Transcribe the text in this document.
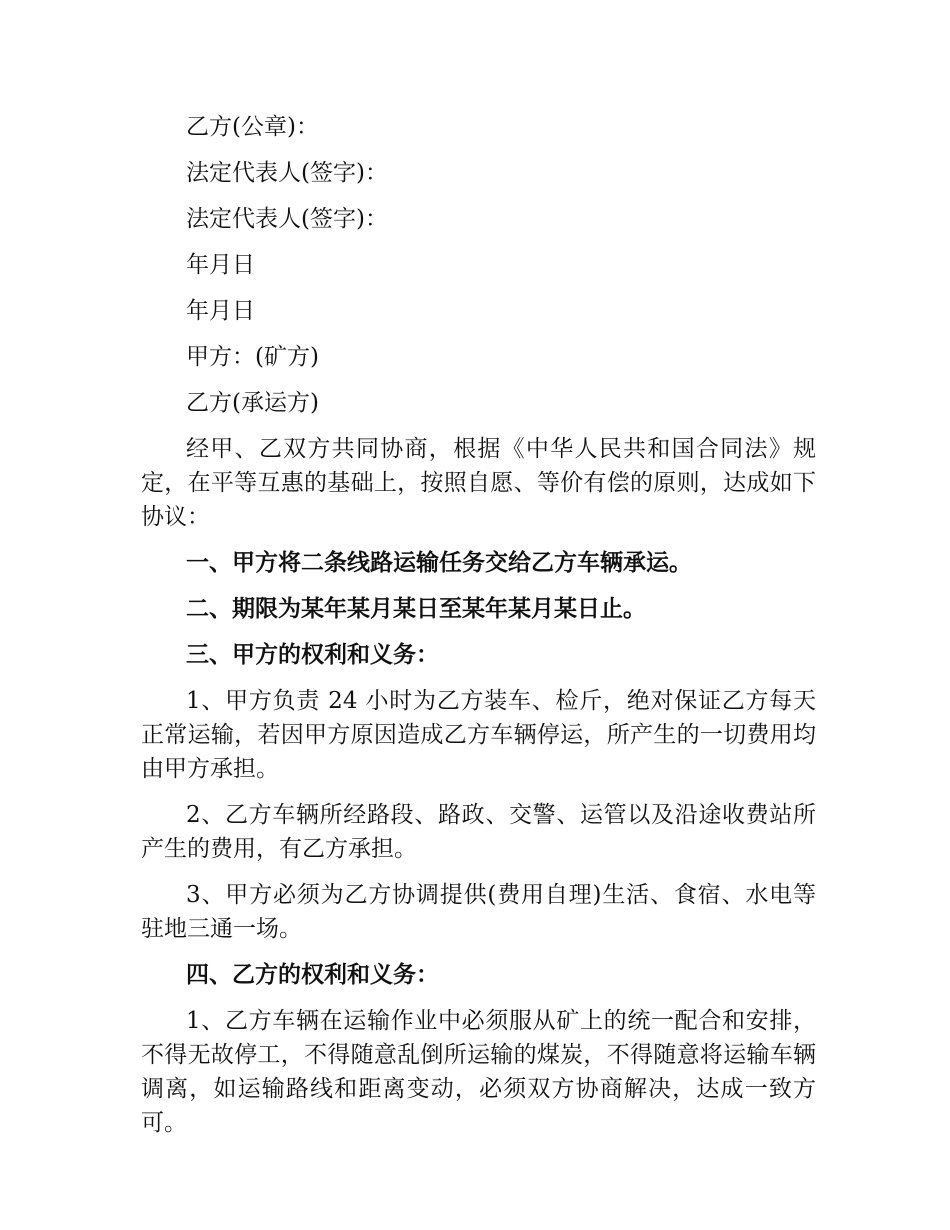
乙方(公章)：
法定代表人(签字)：
法定代表人(签字)：
年月日
年月日
甲方：(矿方)
乙方(承运方)
经甲、乙双方共同协商，根据《中华人民共和国合同法》规定，在平等互惠的基础上，按照自愿、等价有偿的原则，达成如下协议：
一、甲方将二条线路运输任务交给乙方车辆承运。
二、期限为某年某月某日至某年某月某日止。
三、甲方的权利和义务：
1、甲方负责 24 小时为乙方装车、检斤，绝对保证乙方每天正常运输，若因甲方原因造成乙方车辆停运，所产生的一切费用均由甲方承担。
2、乙方车辆所经路段、路政、交警、运管以及沿途收费站所产生的费用，有乙方承担。
3、甲方必须为乙方协调提供(费用自理)生活、食宿、水电等驻地三通一场。
四、乙方的权利和义务：
1、乙方车辆在运输作业中必须服从矿上的统一配合和安排，不得无故停工，不得随意乱倒所运输的煤炭，不得随意将运输车辆调离，如运输路线和距离变动，必须双方协商解决，达成一致方可。
